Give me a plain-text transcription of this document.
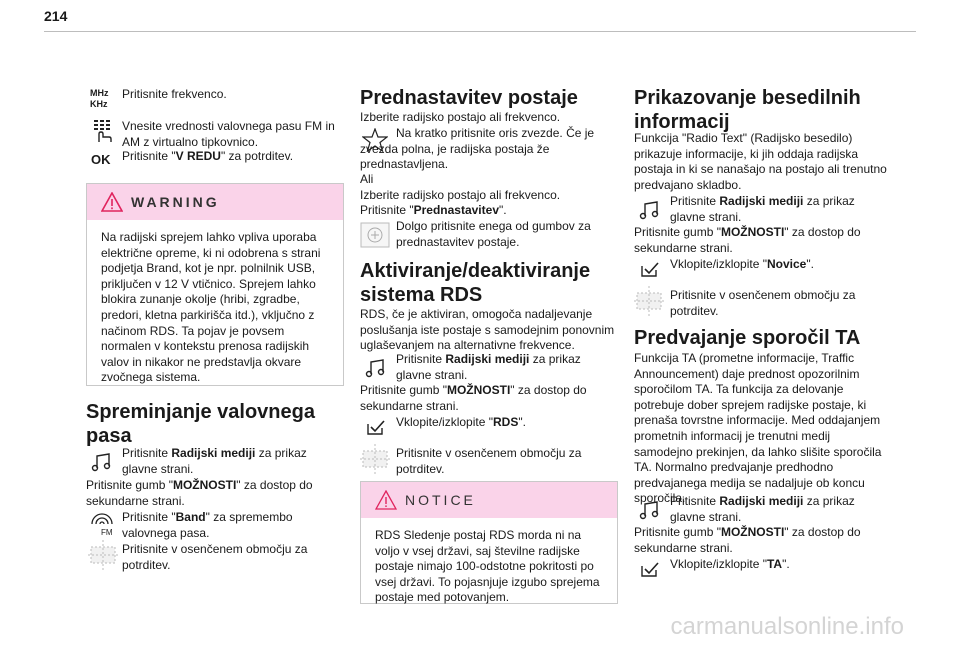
214
MHz
KHz

Pritisnite frekvenco.

Vnesite vrednosti valovnega pasu FM in AM z virtualno tipkovnico.

OK Pritisnite "V REDU" za potrditev.

WARNING
Na radijski sprejem lahko vpliva uporaba električne opreme, ki ni odobrena s strani podjetja Brand, kot je npr. polnilnik USB, priključen v 12 V vtičnico. Sprejem lahko blokira zunanje okolje (hribi, zgradbe, predori, kletna parkirišča itd.), vključno z načinom RDS. Ta pojav je povsem normalen v kontekstu prenosa radijskih valov in nikakor ne predstavlja okvare zvočnega sistema.
Spreminjanje valovnega pasa

Pritisnite Radijski mediji za prikaz glavne strani.

Pritisnite gumb "MOŽNOSTI" za dostop do sekundarne strani.

FM

Pritisnite "Band" za spremembo valovnega pasa.

Pritisnite v osenčenem območju za potrditev.

Prednastavitev postaje

Izberite radijsko postajo ali frekvenco.

Na kratko pritisnite oris zvezde. Če je zvezda polna, je radijska postaja že prednastavljena.

Ali

Izberite radijsko postajo ali frekvenco.

Pritisnite "Prednastavitev".

Dolgo pritisnite enega od gumbov za prednastavitev postaje.

Aktiviranje/deaktiviranje sistema RDS

RDS, če je aktiviran, omogoča nadaljevanje poslušanja iste postaje s samodejnim ponovnim uglaševanjem na alternativne frekvence.

Pritisnite Radijski mediji za prikaz glavne strani.

Pritisnite gumb "MOŽNOSTI" za dostop do sekundarne strani.

Vklopite/izklopite "RDS".

Pritisnite v osenčenem območju za potrditev.

NOTICE
RDS Sledenje postaj RDS morda ni na voljo v vsej državi, saj številne radijske postaje nimajo 100-odstotne pokritosti po vsej državi. To pojasnjuje izgubo sprejema postaje med potovanjem.
Prikazovanje besedilnih informacij

Funkcija "Radio Text" (Radijsko besedilo) prikazuje informacije, ki jih oddaja radijska postaja in ki se nanašajo na postajo ali trenutno predvajano skladbo.

Pritisnite Radijski mediji za prikaz glavne strani.

Pritisnite gumb "MOŽNOSTI" za dostop do sekundarne strani.

Vklopite/izklopite "Novice".

Pritisnite v osenčenem območju za potrditev.

Predvajanje sporočil TA

Funkcija TA (prometne informacije, Traffic Announcement) daje prednost opozorilnim sporočilom TA. Ta funkcija za delovanje potrebuje dober sprejem radijske postaje, ki prenaša tovrstne informacije. Med oddajanjem prometnih informacij je trenutni medij samodejno prekinjen, da lahko slišite sporočila TA. Normalno predvajanje predhodno predvajanega medija se nadaljuje ob koncu sporočila.

Pritisnite Radijski mediji za prikaz glavne strani.

Pritisnite gumb "MOŽNOSTI" za dostop do sekundarne strani.

Vklopite/izklopite "TA".

carmanualsonline.info
